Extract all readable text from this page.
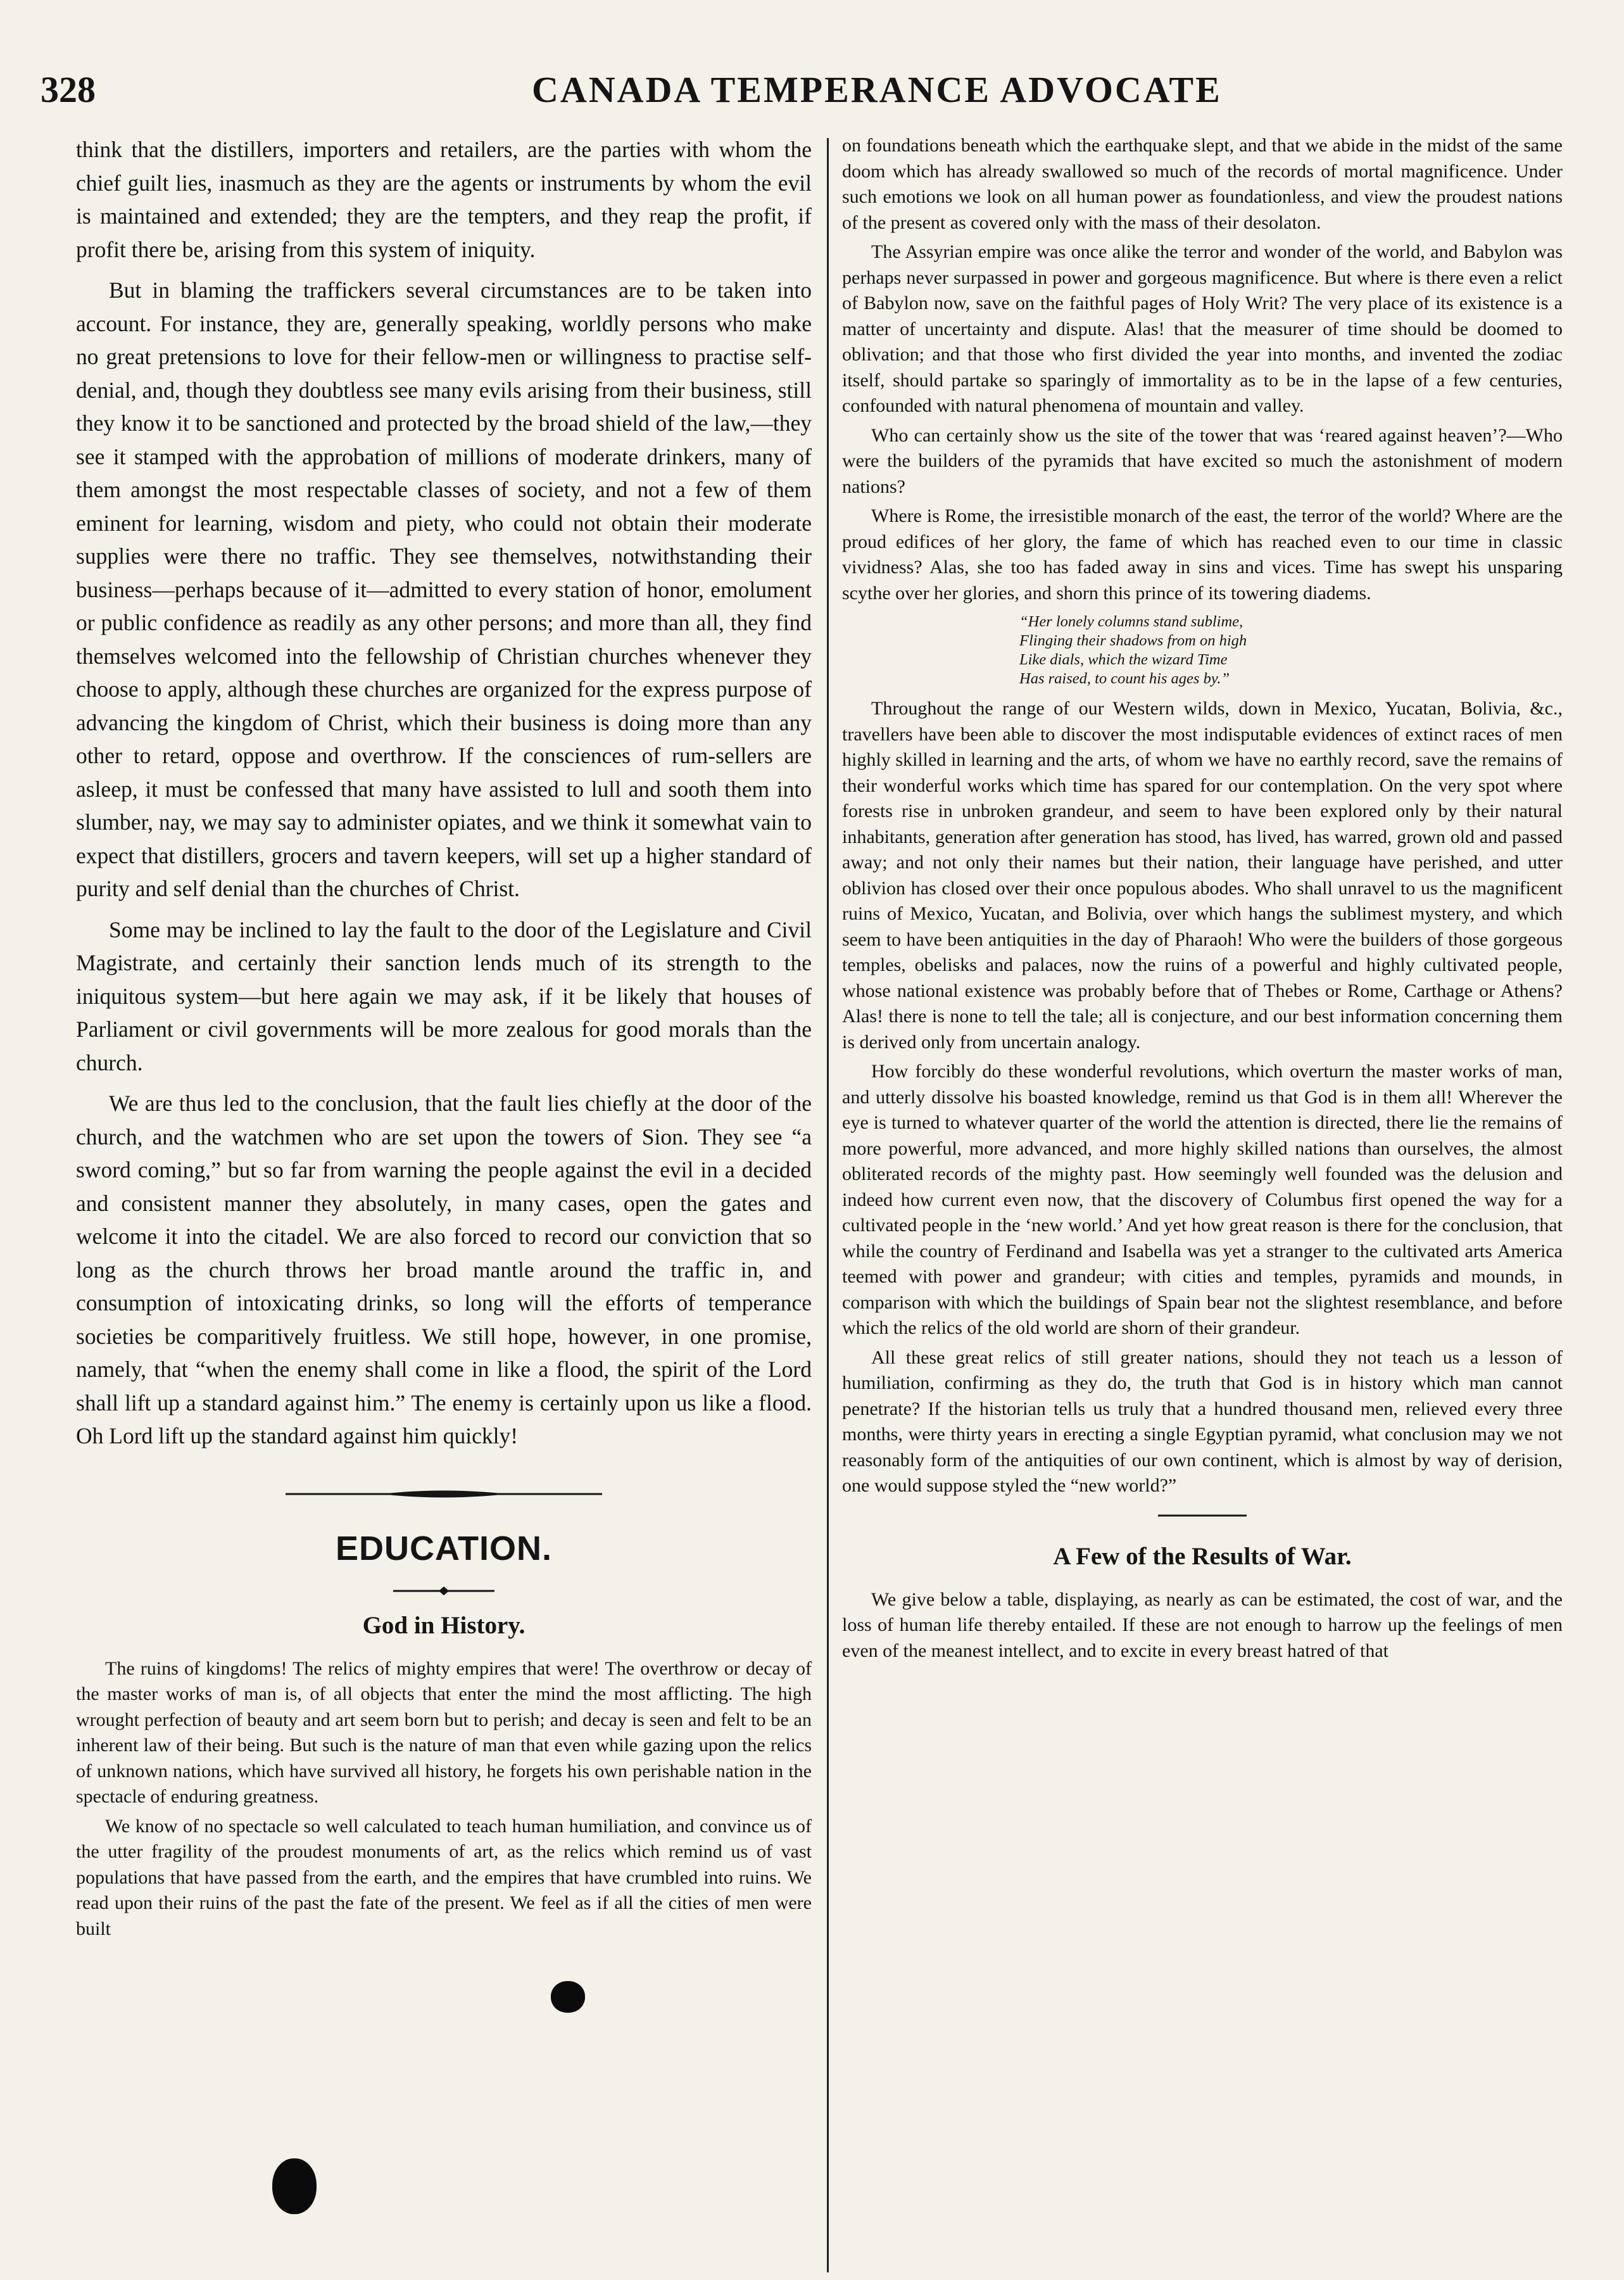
328	CANADA TEMPERANCE ADVOCATE

think that the distillers, importers and retailers, are the parties with whom the chief guilt lies, inasmuch as they are the agents or instruments by whom the evil is maintained and extended; they are the tempters, and they reap the profit, if profit there be, arising from this system of iniquity.

But in blaming the traffickers several circumstances are to be taken into account. For instance, they are, generally speaking, worldly persons who make no great pretensions to love for their fellow-men or willingness to practise self-denial, and, though they doubtless see many evils arising from their business, still they know it to be sanctioned and protected by the broad shield of the law,—they see it stamped with the approbation of millions of moderate drinkers, many of them amongst the most respectable classes of society, and not a few of them eminent for learning, wisdom and piety, who could not obtain their moderate supplies were there no traffic. They see themselves, notwithstanding their business—perhaps because of it—admitted to every station of honor, emolument or public confidence as readily as any other persons; and more than all, they find themselves welcomed into the fellowship of Christian churches whenever they choose to apply, although these churches are organized for the express purpose of advancing the kingdom of Christ, which their business is doing more than any other to retard, oppose and overthrow. If the consciences of rum-sellers are asleep, it must be confessed that many have assisted to lull and sooth them into slumber, nay, we may say to administer opiates, and we think it somewhat vain to expect that distillers, grocers and tavern keepers, will set up a higher standard of purity and self denial than the churches of Christ.

Some may be inclined to lay the fault to the door of the Legislature and Civil Magistrate, and certainly their sanction lends much of its strength to the iniquitous system—but here again we may ask, if it be likely that houses of Parliament or civil governments will be more zealous for good morals than the church.

We are thus led to the conclusion, that the fault lies chiefly at the door of the church, and the watchmen who are set upon the towers of Sion. They see “a sword coming,” but so far from warning the people against the evil in a decided and consistent manner they absolutely, in many cases, open the gates and welcome it into the citadel. We are also forced to record our conviction that so long as the church throws her broad mantle around the traffic in, and consumption of intoxicating drinks, so long will the efforts of temperance societies be comparitively fruitless. We still hope, however, in one promise, namely, that “when the enemy shall come in like a flood, the spirit of the Lord shall lift up a standard against him.” The enemy is certainly upon us like a flood. Oh Lord lift up the standard against him quickly!

EDUCATION.
God in History.

The ruins of kingdoms! The relics of mighty empires that were! The overthrow or decay of the master works of man is, of all objects that enter the mind the most afflicting. The high wrought perfection of beauty and art seem born but to perish; and decay is seen and felt to be an inherent law of their being. But such is the nature of man that even while gazing upon the relics of unknown nations, which have survived all history, he forgets his own perishable nation in the spectacle of enduring greatness.

We know of no spectacle so well calculated to teach human humiliation, and convince us of the utter fragility of the proudest monuments of art, as the relics which remind us of vast populations that have passed from the earth, and the empires that have crumbled into ruins. We read upon their ruins of the past the fate of the present. We feel as if all the cities of men were built

on foundations beneath which the earthquake slept, and that we abide in the midst of the same doom which has already swallowed so much of the records of mortal magnificence. Under such emotions we look on all human power as foundationless, and view the proudest nations of the present as covered only with the mass of their desolaton.

The Assyrian empire was once alike the terror and wonder of the world, and Babylon was perhaps never surpassed in power and gorgeous magnificence. But where is there even a relict of Babylon now, save on the faithful pages of Holy Writ? The very place of its existence is a matter of uncertainty and dispute. Alas! that the measurer of time should be doomed to oblivation; and that those who first divided the year into months, and invented the zodiac itself, should partake so sparingly of immortality as to be in the lapse of a few centuries, confounded with natural phenomena of mountain and valley.

Who can certainly show us the site of the tower that was ‘reared against heaven’?—Who were the builders of the pyramids that have excited so much the astonishment of modern nations?

Where is Rome, the irresistible monarch of the east, the terror of the world? Where are the proud edifices of her glory, the fame of which has reached even to our time in classic vividness? Alas, she too has faded away in sins and vices. Time has swept his unsparing scythe over her glories, and shorn this prince of its towering diadems.

“Her lonely columns stand sublime,
Flinging their shadows from on high
Like dials, which the wizard Time
Has raised, to count his ages by.”

Throughout the range of our Western wilds, down in Mexico, Yucatan, Bolivia, &c., travellers have been able to discover the most indisputable evidences of extinct races of men highly skilled in learning and the arts, of whom we have no earthly record, save the remains of their wonderful works which time has spared for our contemplation. On the very spot where forests rise in unbroken grandeur, and seem to have been explored only by their natural inhabitants, generation after generation has stood, has lived, has warred, grown old and passed away; and not only their names but their nation, their language have perished, and utter oblivion has closed over their once populous abodes. Who shall unravel to us the magnificent ruins of Mexico, Yucatan, and Bolivia, over which hangs the sublimest mystery, and which seem to have been antiquities in the day of Pharaoh! Who were the builders of those gorgeous temples, obelisks and palaces, now the ruins of a powerful and highly cultivated people, whose national existence was probably before that of Thebes or Rome, Carthage or Athens? Alas! there is none to tell the tale; all is conjecture, and our best information concerning them is derived only from uncertain analogy.

How forcibly do these wonderful revolutions, which overturn the master works of man, and utterly dissolve his boasted knowledge, remind us that God is in them all! Wherever the eye is turned to whatever quarter of the world the attention is directed, there lie the remains of more powerful, more advanced, and more highly skilled nations than ourselves, the almost obliterated records of the mighty past. How seemingly well founded was the delusion and indeed how current even now, that the discovery of Columbus first opened the way for a cultivated people in the ‘new world.’ And yet how great reason is there for the conclusion, that while the country of Ferdinand and Isabella was yet a stranger to the cultivated arts America teemed with power and grandeur; with cities and temples, pyramids and mounds, in comparison with which the buildings of Spain bear not the slightest resemblance, and before which the relics of the old world are shorn of their grandeur.

All these great relics of still greater nations, should they not teach us a lesson of humiliation, confirming as they do, the truth that God is in history which man cannot penetrate? If the historian tells us truly that a hundred thousand men, relieved every three months, were thirty years in erecting a single Egyptian pyramid, what conclusion may we not reasonably form of the antiquities of our own continent, which is almost by way of derision, one would suppose styled the “new world?”

A Few of the Results of War.

We give below a table, displaying, as nearly as can be estimated, the cost of war, and the loss of human life thereby entailed. If these are not enough to harrow up the feelings of men even of the meanest intellect, and to excite in every breast hatred of that
